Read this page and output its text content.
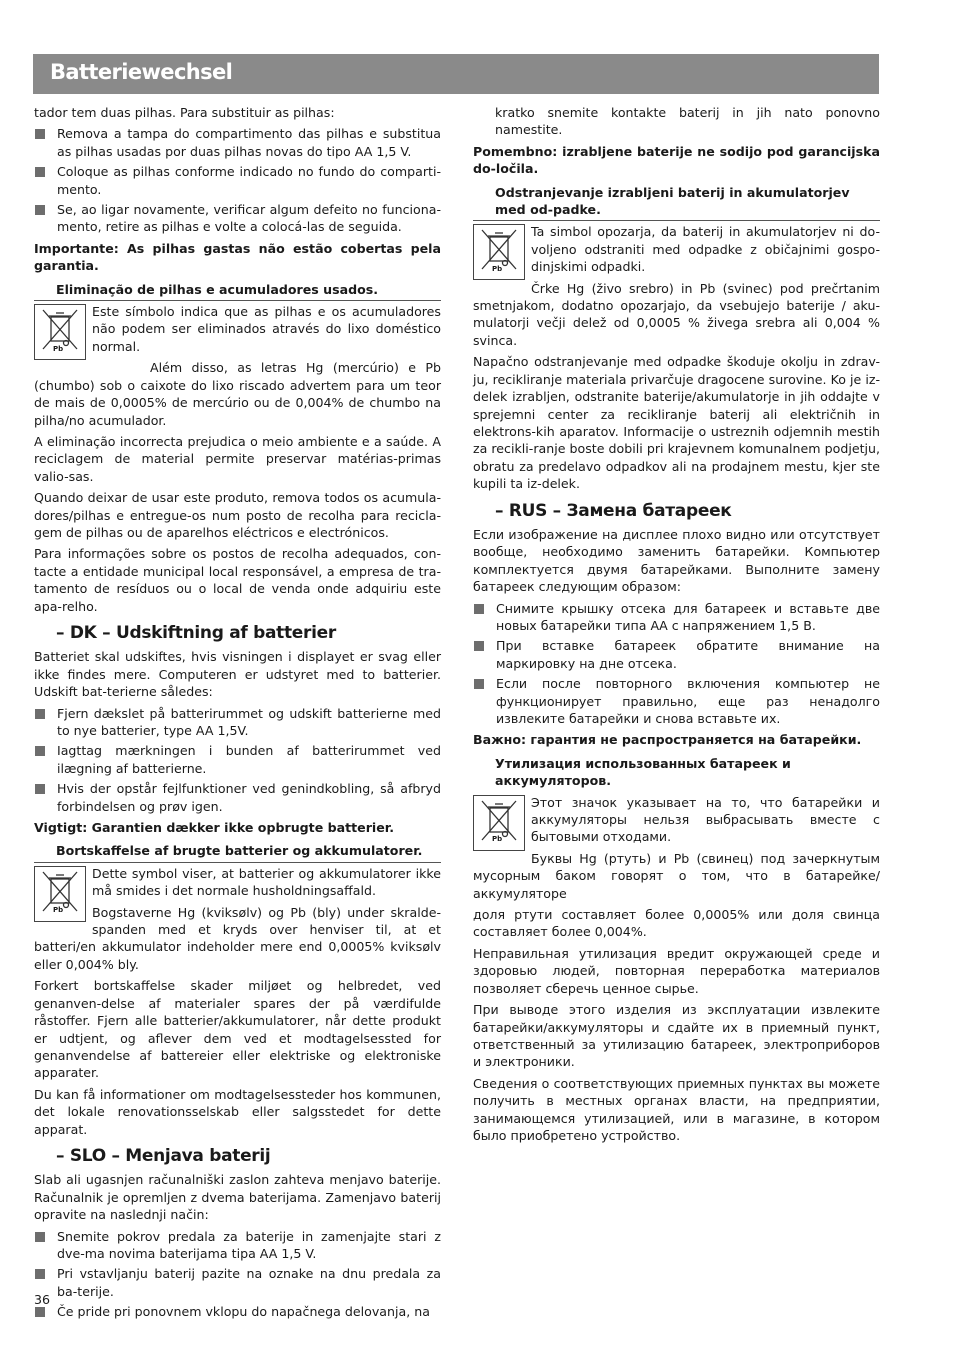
Batteriewechsel

tador tem duas pilhas. Para substituir as pilhas:

Remova a tampa do compartimento das pilhas e substitua as pilhas usadas por duas pilhas novas do tipo AA 1,5 V.
Coloque as pilhas conforme indicado no fundo do comparti-mento.
Se, ao ligar novamente, verificar algum defeito no funciona-mento, retire as pilhas e volte a colocá-las de seguida.

Importante: As pilhas gastas não estão cobertas pela garantia.

Eliminação de pilhas e acumuladores usados.
Pb

Este símbolo indica que as pilhas e os acumuladores não podem ser eliminados através do lixo doméstico normal.

Além disso, as letras Hg (mercúrio) e Pb (chumbo) sob o caixote do lixo riscado advertem para um teor de mais de 0,0005% de mercúrio ou de 0,004% de chumbo na pilha/no acumulador.

A eliminação incorrecta prejudica o meio ambiente e a saúde. A reciclagem de material permite preservar matérias-primas valio-sas.

Quando deixar de usar este produto, remova todos os acumula-dores/pilhas e entregue-os num posto de recolha para recicla-gem de pilhas ou de aparelhos eléctricos e electrónicos.

Para informações sobre os postos de recolha adequados, con-tacte a entidade municipal local responsável, a empresa de tra-tamento de resíduos ou o local de venda onde adquiriu este apa-relho.

– DK – Udskiftning af batterier

Batteriet skal udskiftes, hvis visningen i displayet er svag eller ikke findes mere. Computeren er udstyret med to batterier. Udskift bat-terierne således:

Fjern dækslet på batterirummet og udskift batterierne med to nye batterier, type AA 1,5V.
Iagttag mærkningen i bunden af batterirummet ved ilægning af batterierne.
Hvis der opstår fejlfunktioner ved genindkobling, så afbryd forbindelsen og prøv igen.

Vigtigt: Garantien dækker ikke opbrugte batterier.

Bortskaffelse af brugte batterier og akkumulatorer.
Pb

Dette symbol viser, at batterier og akkumulatorer ikke må smides i det normale husholdningsaffald.

Bogstaverne Hg (kviksølv) og Pb (bly) under skralde-spanden med et kryds over henviser til, at et batteri/en akkumulator indeholder mere end 0,0005% kviksølv eller 0,004% bly.

Forkert bortskaffelse skader miljøet og helbredet, ved genanven-delse af materialer spares der på værdifulde råstoffer. Fjern alle batterier/akkumulatorer, når dette produkt er udtjent, og aflever dem ved et modtagelsessted for genanvendelse af battereier eller elektriske og elektroniske apparater.

Du kan få informationer om modtagelsessteder hos kommunen, det lokale renovationsselskab eller salgsstedet for dette apparat.

– SLO – Menjava baterij

Slab ali ugasnjen računalniški zaslon zahteva menjavo baterije. Računalnik je opremljen z dvema baterijama. Zamenjavo baterij opravite na naslednji način:

Snemite pokrov predala za baterije in zamenjajte stari z dve-ma novima baterijama tipa AA 1,5 V.
Pri vstavljanju baterij pazite na oznake na dnu predala za ba-terije.
Če pride pri ponovnem vklopu do napačnega delovanja, na
36

kratko snemite kontakte baterij in jih nato ponovno namestite.

Pomembno: izrabljene baterije ne sodijo pod garancijska do-ločila.

Odstranjevanje izrabljeni baterij in akumulatorjev med od-padke.
Pb

Ta simbol opozarja, da baterij in akumulatorjev ni do-voljeno odstraniti med odpadke z običajnimi gospo-dinjskimi odpadki.

Črke Hg (živo srebro) in Pb (svinec) pod prečrtanim smetnjakom, dodatno opozarjajo, da vsebujejo baterije / aku-mulatorji večji delež od 0,0005 % živega srebra ali 0,004 % svinca.

Napačno odstranjevanje med odpadke škoduje okolju in zdrav-ju, recikliranje materiala privarčuje dragocene surovine. Ko je iz-delek izrabljen, odstranite baterije/akumulatorje in jih oddajte v sprejemni center za recikliranje baterij ali električnih in elektrons-kih aparatov. Informacije o ustreznih odjemnih mestih za recikli-ranje boste dobili pri krajevnem komunalnem podjetju, obratu za predelavo odpadkov ali na prodajnem mestu, kjer ste kupili ta iz-delek.

– RUS – Замена батареек

Если изображение на дисплее плохо видно или отсутствует вообще, необходимо заменить батарейки. Компьютер комплектуется двумя батарейками. Выполните замену батареек следующим образом:

Снимите крышку отсека для батареек и вставьте две новых батарейки типа АА с напряжением 1,5 В.
При вставке батареек обратите внимание на маркировку на дне отсека.
Если после повторного включения компьютер не функционирует правильно, еще раз ненадолго извлеките батарейки и снова вставьте их.

Важно: гарантия не распространяется на батарейки.

Утилизация использованных батареек и аккумуляторов.
Pb

Этот значок указывает на то, что батарейки и аккумуляторы нельзя выбрасывать вместе с бытовыми отходами.

Буквы Hg (ртуть) и Pb (свинец) под зачеркнутым мусорным баком говорят о том, что в батарейке/аккумуляторе

доля ртути составляет более 0,0005% или доля свинца составляет более 0,004%.

Неправильная утилизация вредит окружающей среде и здоровью людей, повторная переработка материалов позволяет сберечь ценное сырье.

При выводе этого изделия из эксплуатации извлеките батарейки/аккумуляторы и сдайте их в приемный пункт, ответственный за утилизацию батареек, электроприборов и электроники.

Сведения о соответствующих приемных пунктах вы можете получить в местных органах власти, на предприятии, занимающемся утилизацией, или в магазине, в котором было приобретено устройство.
